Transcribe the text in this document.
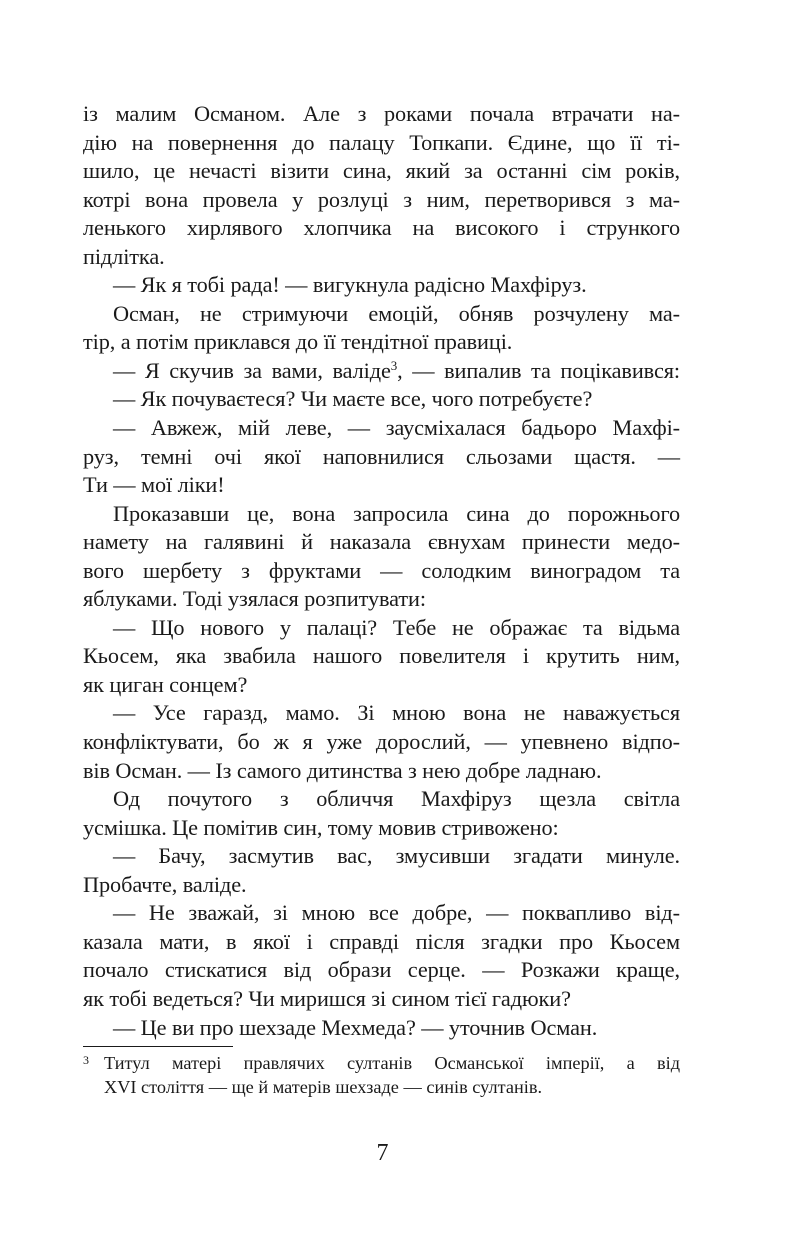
із малим Османом. Але з роками почала втрачати на-
дію на повернення до палацу Топкапи. Єдине, що її ті-
шило, це нечасті візити сина, який за останні сім років,
котрі вона провела у розлуці з ним, перетворився з ма-
ленького хирлявого хлопчика на високого і стрункого
підлітка.
— Як я тобі рада! — вигукнула радісно Махфіруз.
Осман, не стримуючи емоцій, обняв розчулену ма-
тір, а потім приклався до її тендітної правиці.
— Я скучив за вами, валіде$^3$, — випалив та поцікавився:
— Як почуваєтеся? Чи маєте все, чого потребуєте?
— Авжеж, мій леве, — заусміхалася бадьоро Махфі-
руз, темні очі якої наповнилися сльозами щастя. —
Ти — мої ліки!
Проказавши це, вона запросила сина до порожнього
намету на галявині й наказала євнухам принести медо-
вого шербету з фруктами — солодким виноградом та
яблуками. Тоді узялася розпитувати:
— Що нового у палаці? Тебе не ображає та відьма
Кьосем, яка звабила нашого повелителя і крутить ним,
як циган сонцем?
— Усе гаразд, мамо. Зі мною вона не наважується
конфліктувати, бо ж я уже дорослий, — упевнено відпо-
вів Осман. — Із самого дитинства з нею добре ладнаю.
Од почутого з обличчя Махфіруз щезла світла
усмішка. Це помітив син, тому мовив стривожено:
— Бачу, засмутив вас, змусивши згадати минуле.
Пробачте, валіде.
— Не зважай, зі мною все добре, — поквапливо від-
казала мати, в якої і справді після згадки про Кьосем
почало стискатися від образи серце. — Розкажи краще,
як тобі ведеться? Чи миришся зі сином тієї гадюки?
— Це ви про шехзаде Мехмеда? — уточнив Осман.
3 Титул матері правлячих султанів Османської імперії, а від
XVI століття — ще й матерів шехзаде — синів султанів.
7
